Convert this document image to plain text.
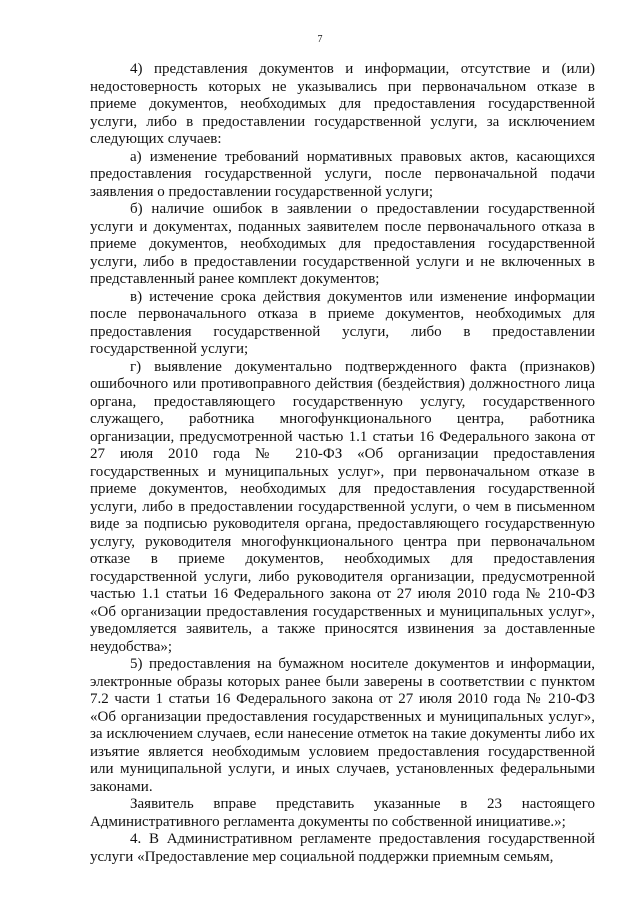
7

4) представления документов и информации, отсутствие и (или) недостоверность которых не указывались при первоначальном отказе в приеме документов, необходимых для предоставления государственной услуги, либо в предоставлении государственной услуги, за исключением следующих случаев:

а) изменение требований нормативных правовых актов, касающихся предоставления государственной услуги, после первоначальной подачи заявления о предоставлении государственной услуги;

б) наличие ошибок в заявлении о предоставлении государственной услуги и документах, поданных заявителем после первоначального отказа в приеме документов, необходимых для предоставления государственной услуги, либо в предоставлении государственной услуги и не включенных в представленный ранее комплект документов;

в) истечение срока действия документов или изменение информации после первоначального отказа в приеме документов, необходимых для предоставления государственной услуги, либо в предоставлении государственной услуги;

г) выявление документально подтвержденного факта (признаков) ошибочного или противоправного действия (бездействия) должностного лица органа, предоставляющего государственную услугу, государственного служащего, работника многофункционального центра, работника организации, предусмотренной частью 1.1 статьи 16 Федерального закона от 27 июля 2010 года № 210-ФЗ «Об организации предоставления государственных и муниципальных услуг», при первоначальном отказе в приеме документов, необходимых для предоставления государственной услуги, либо в предоставлении государственной услуги, о чем в письменном виде за подписью руководителя органа, предоставляющего государственную услугу, руководителя многофункционального центра при первоначальном отказе в приеме документов, необходимых для предоставления государственной услуги, либо руководителя организации, предусмотренной частью 1.1 статьи 16 Федерального закона от 27 июля 2010 года № 210-ФЗ «Об организации предоставления государственных и муниципальных услуг», уведомляется заявитель, а также приносятся извинения за доставленные неудобства»;

5) предоставления на бумажном носителе документов и информации, электронные образы которых ранее были заверены в соответствии с пунктом 7.2 части 1 статьи 16 Федерального закона от 27 июля 2010 года № 210-ФЗ «Об организации предоставления государственных и муниципальных услуг», за исключением случаев, если нанесение отметок на такие документы либо их изъятие является необходимым условием предоставления государственной или муниципальной услуги, и иных случаев, установленных федеральными законами.

Заявитель вправе представить указанные в 23 настоящего Административного регламента документы по собственной инициативе.»;

4. В Административном регламенте предоставления государственной услуги «Предоставление мер социальной поддержки приемным семьям,
